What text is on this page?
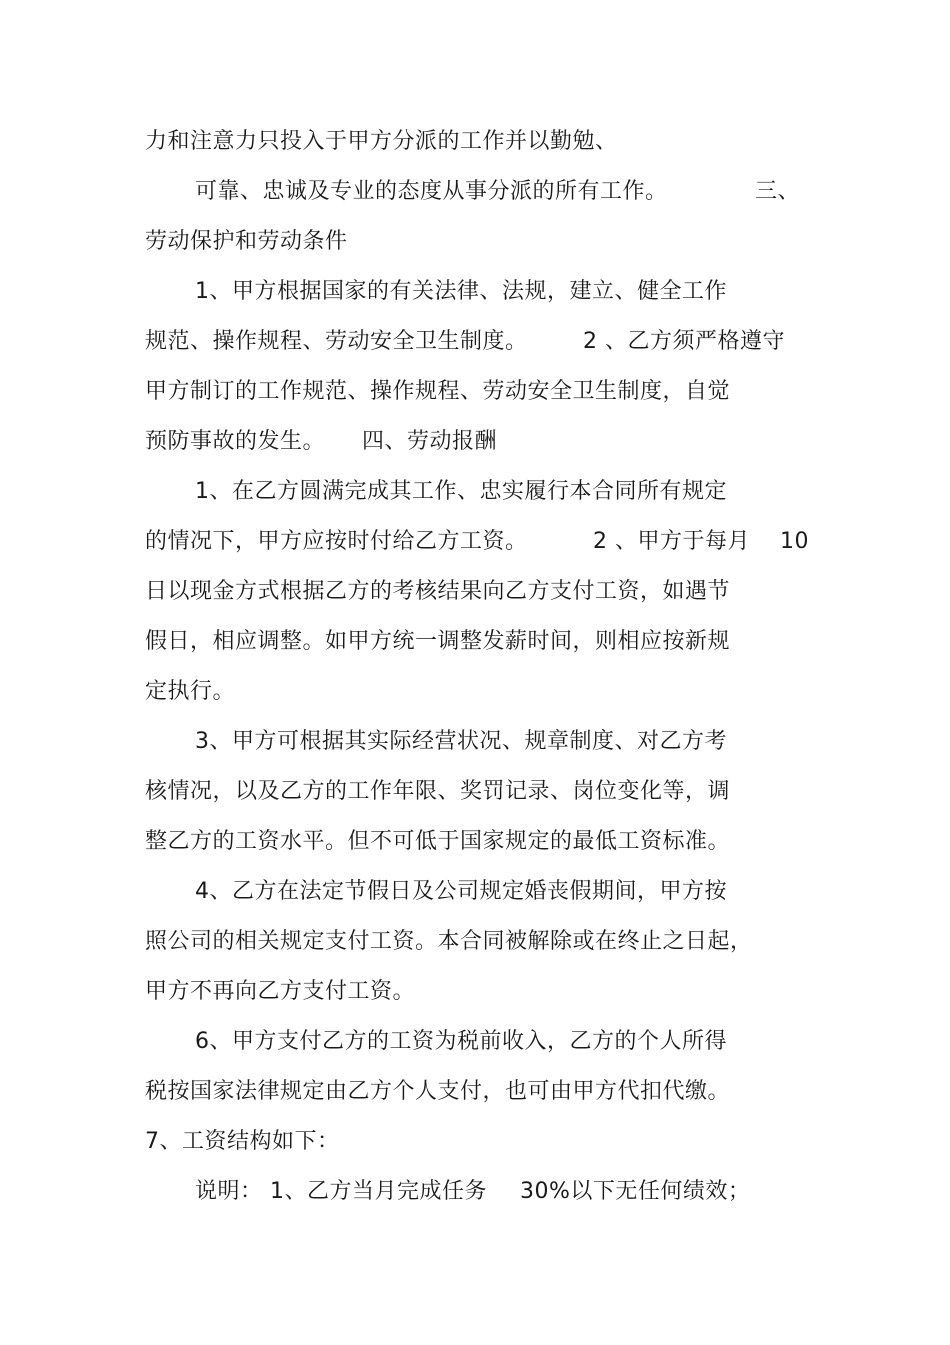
力和注意力只投入于甲方分派的工作并以勤勉、
可靠、忠诚及专业的态度从事分派的所有工作。	三、
劳动保护和劳动条件
1、甲方根据国家的有关法律、法规，建立、健全工作
规范、操作规程、劳动安全卫生制度。	2 、乙方须严格遵守
甲方制订的工作规范、操作规程、劳动安全卫生制度，自觉
预防事故的发生。 四、劳动报酬
1、在乙方圆满完成其工作、忠实履行本合同所有规定
的情况下，甲方应按时付给乙方工资。	2 、甲方于每月 10
日以现金方式根据乙方的考核结果向乙方支付工资，如遇节
假日，相应调整。如甲方统一调整发薪时间，则相应按新规
定执行。
3、甲方可根据其实际经营状况、规章制度、对乙方考
核情况，以及乙方的工作年限、奖罚记录、岗位变化等，调
整乙方的工资水平。但不可低于国家规定的最低工资标准。
4、乙方在法定节假日及公司规定婚丧假期间，甲方按
照公司的相关规定支付工资。本合同被解除或在终止之日起，
甲方不再向乙方支付工资。
6、甲方支付乙方的工资为税前收入，乙方的个人所得
税按国家法律规定由乙方个人支付，也可由甲方代扣代缴。
7、工资结构如下：
说明： 1、乙方当月完成任务 30%以下无任何绩效；
